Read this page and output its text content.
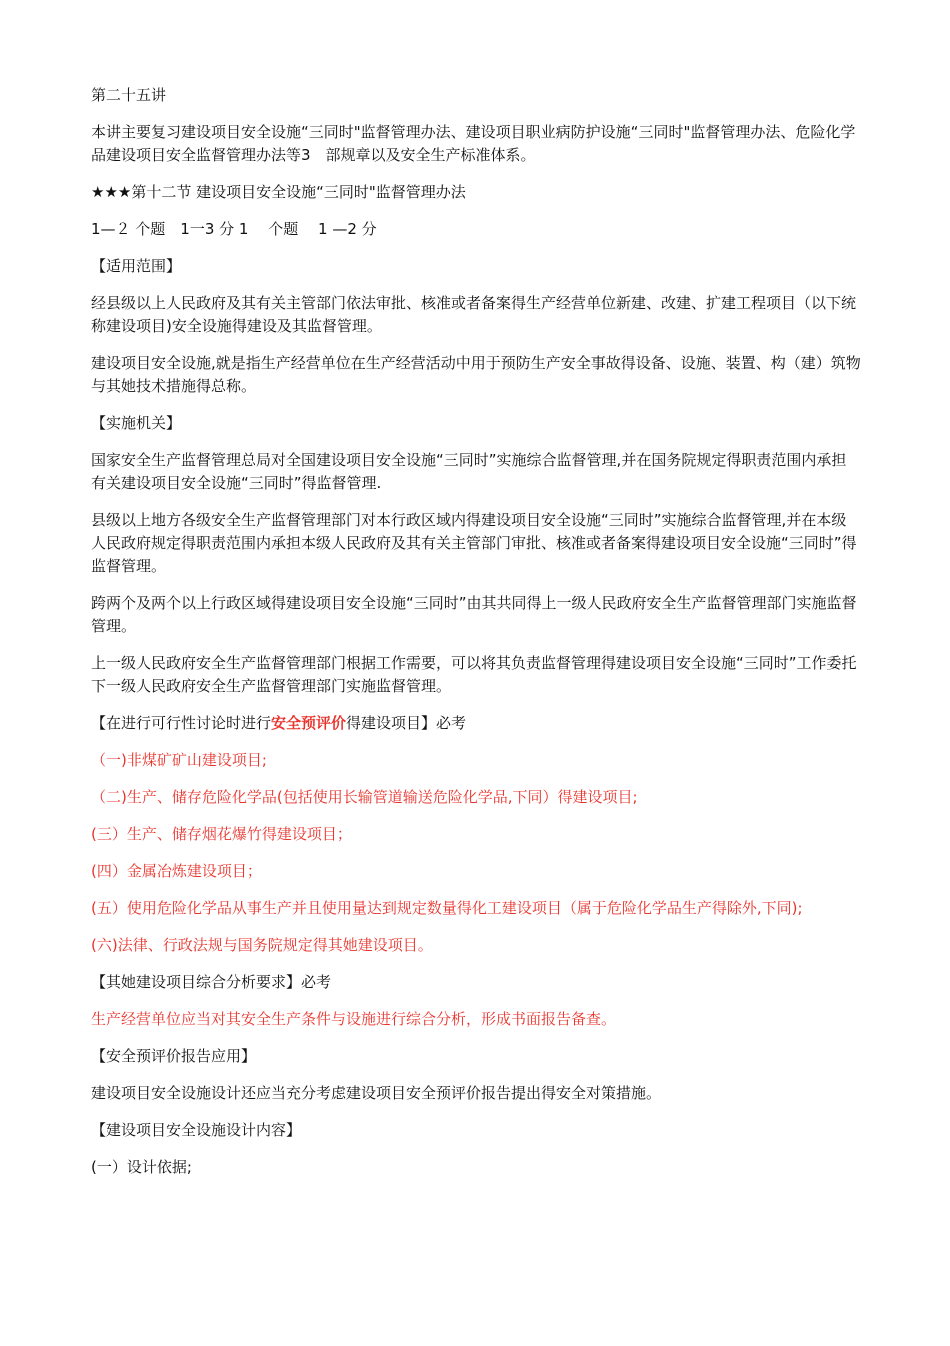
第二十五讲

本讲主要复习建设项目安全设施“三同时"监督管理办法、建设项目职业病防护设施“三同时"监督管理办法、危险化学品建设项目安全监督管理办法等3　部规章以及安全生产标准体系。

★★★第十二节 建设项目安全设施“三同时"监督管理办法

1—２ 个题　1一3 分 1　 个题　 1 —2 分

【适用范围】

经县级以上人民政府及其有关主管部门依法审批、核准或者备案得生产经营单位新建、改建、扩建工程项目（以下统称建设项目)安全设施得建设及其监督管理。

建设项目安全设施,就是指生产经营单位在生产经营活动中用于预防生产安全事故得设备、设施、装置、构（建）筑物与其她技术措施得总称。

【实施机关】

国家安全生产监督管理总局对全国建设项目安全设施“三同时”实施综合监督管理,并在国务院规定得职责范围内承担有关建设项目安全设施“三同时”得监督管理.

县级以上地方各级安全生产监督管理部门对本行政区域内得建设项目安全设施“三同时”实施综合监督管理,并在本级人民政府规定得职责范围内承担本级人民政府及其有关主管部门审批、核准或者备案得建设项目安全设施“三同时”得监督管理。

跨两个及两个以上行政区域得建设项目安全设施“三同时”由其共同得上一级人民政府安全生产监督管理部门实施监督管理。

上一级人民政府安全生产监督管理部门根据工作需要，可以将其负责监督管理得建设项目安全设施“三同时”工作委托下一级人民政府安全生产监督管理部门实施监督管理。

【在进行可行性讨论时进行安全预评价得建设项目】必考

（一)非煤矿矿山建设项目;

（二)生产、储存危险化学品(包括使用长输管道输送危险化学品,下同）得建设项目;

(三）生产、储存烟花爆竹得建设项目；

(四）金属冶炼建设项目；

(五）使用危险化学品从事生产并且使用量达到规定数量得化工建设项目（属于危险化学品生产得除外,下同);

(六)法律、行政法规与国务院规定得其她建设项目。

【其她建设项目综合分析要求】必考

生产经营单位应当对其安全生产条件与设施进行综合分析，形成书面报告备查。

【安全预评价报告应用】

建设项目安全设施设计还应当充分考虑建设项目安全预评价报告提出得安全对策措施。

【建设项目安全设施设计内容】

(一）设计依据;
